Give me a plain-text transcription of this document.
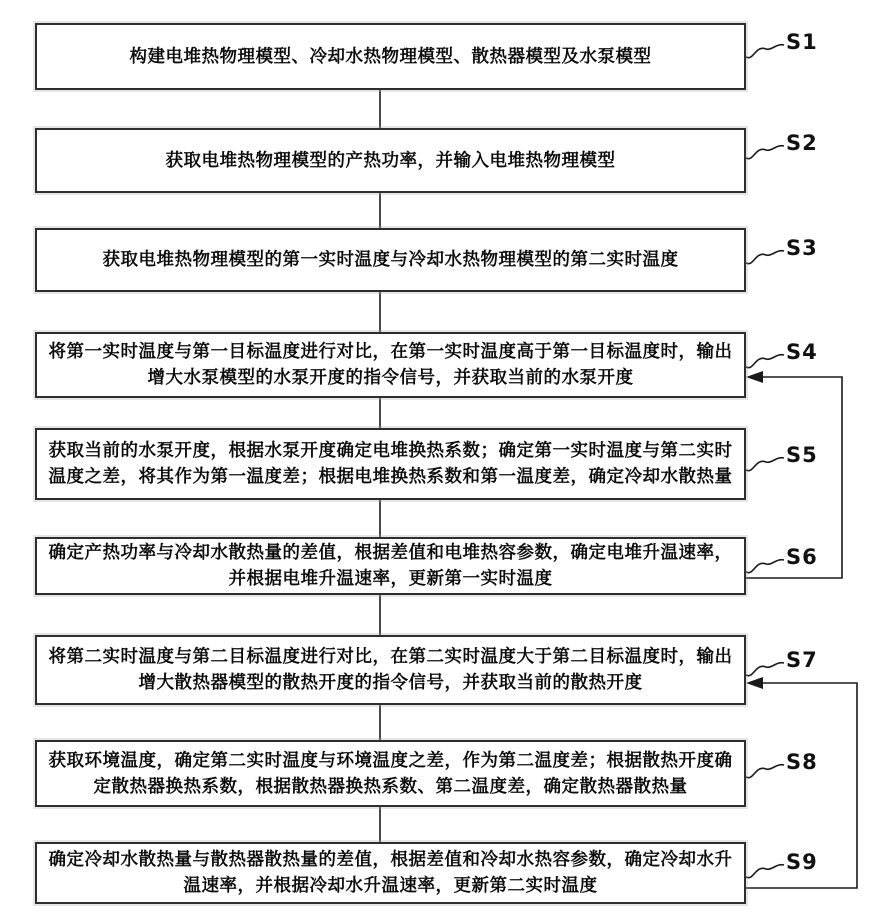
构建电堆热物理模型、冷却水热物理模型、散热器模型及水泵模型
获取电堆热物理模型的产热功率，并输入电堆热物理模型
获取电堆热物理模型的第一实时温度与冷却水热物理模型的第二实时温度
将第一实时温度与第一目标温度进行对比，在第一实时温度高于第一目标温度时，输出增大水泵模型的水泵开度的指令信号，并获取当前的水泵开度
获取当前的水泵开度，根据水泵开度确定电堆换热系数；确定第一实时温度与第二实时温度之差，将其作为第一温度差；根据电堆换热系数和第一温度差，确定冷却水散热量
确定产热功率与冷却水散热量的差值，根据差值和电堆热容参数，确定电堆升温速率，并根据电堆升温速率，更新第一实时温度
将第二实时温度与第二目标温度进行对比，在第二实时温度大于第二目标温度时，输出增大散热器模型的散热开度的指令信号，并获取当前的散热开度
获取环境温度，确定第二实时温度与环境温度之差，作为第二温度差；根据散热开度确定散热器换热系数，根据散热器换热系数、第二温度差，确定散热器散热量
确定冷却水散热量与散热器散热量的差值，根据差值和冷却水热容参数，确定冷却水升温速率，并根据冷却水升温速率，更新第二实时温度
S1
S2
S3
S4
S5
S6
S7
S8
S9
